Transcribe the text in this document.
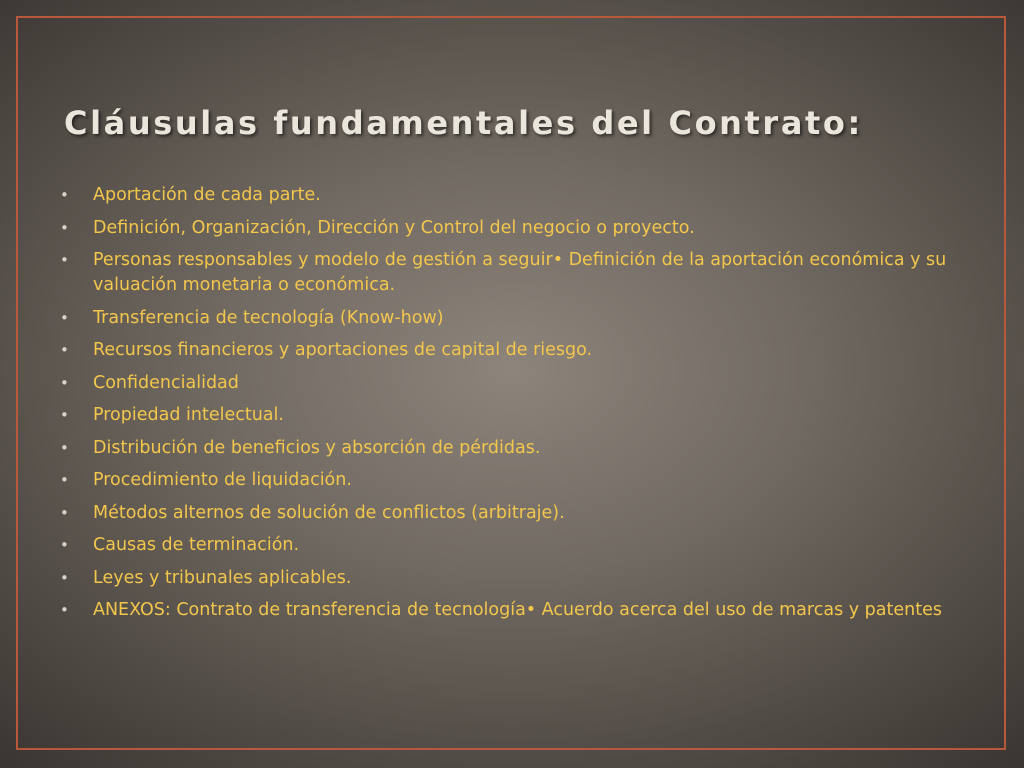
Cláusulas fundamentales del Contrato:
• Aportación de cada parte.
• Definición, Organización, Dirección y Control del negocio o proyecto.
• Personas responsables y modelo de gestión a seguir• Definición de la aportación económica y su valuación monetaria o económica.
• Transferencia de tecnología (Know-how)
• Recursos financieros y aportaciones de capital de riesgo.
• Confidencialidad
• Propiedad intelectual.
• Distribución de beneficios y absorción de pérdidas.
• Procedimiento de liquidación.
• Métodos alternos de solución de conflictos (arbitraje).
• Causas de terminación.
• Leyes y tribunales aplicables.
• ANEXOS: Contrato de transferencia de tecnología• Acuerdo acerca del uso de marcas y patentes
